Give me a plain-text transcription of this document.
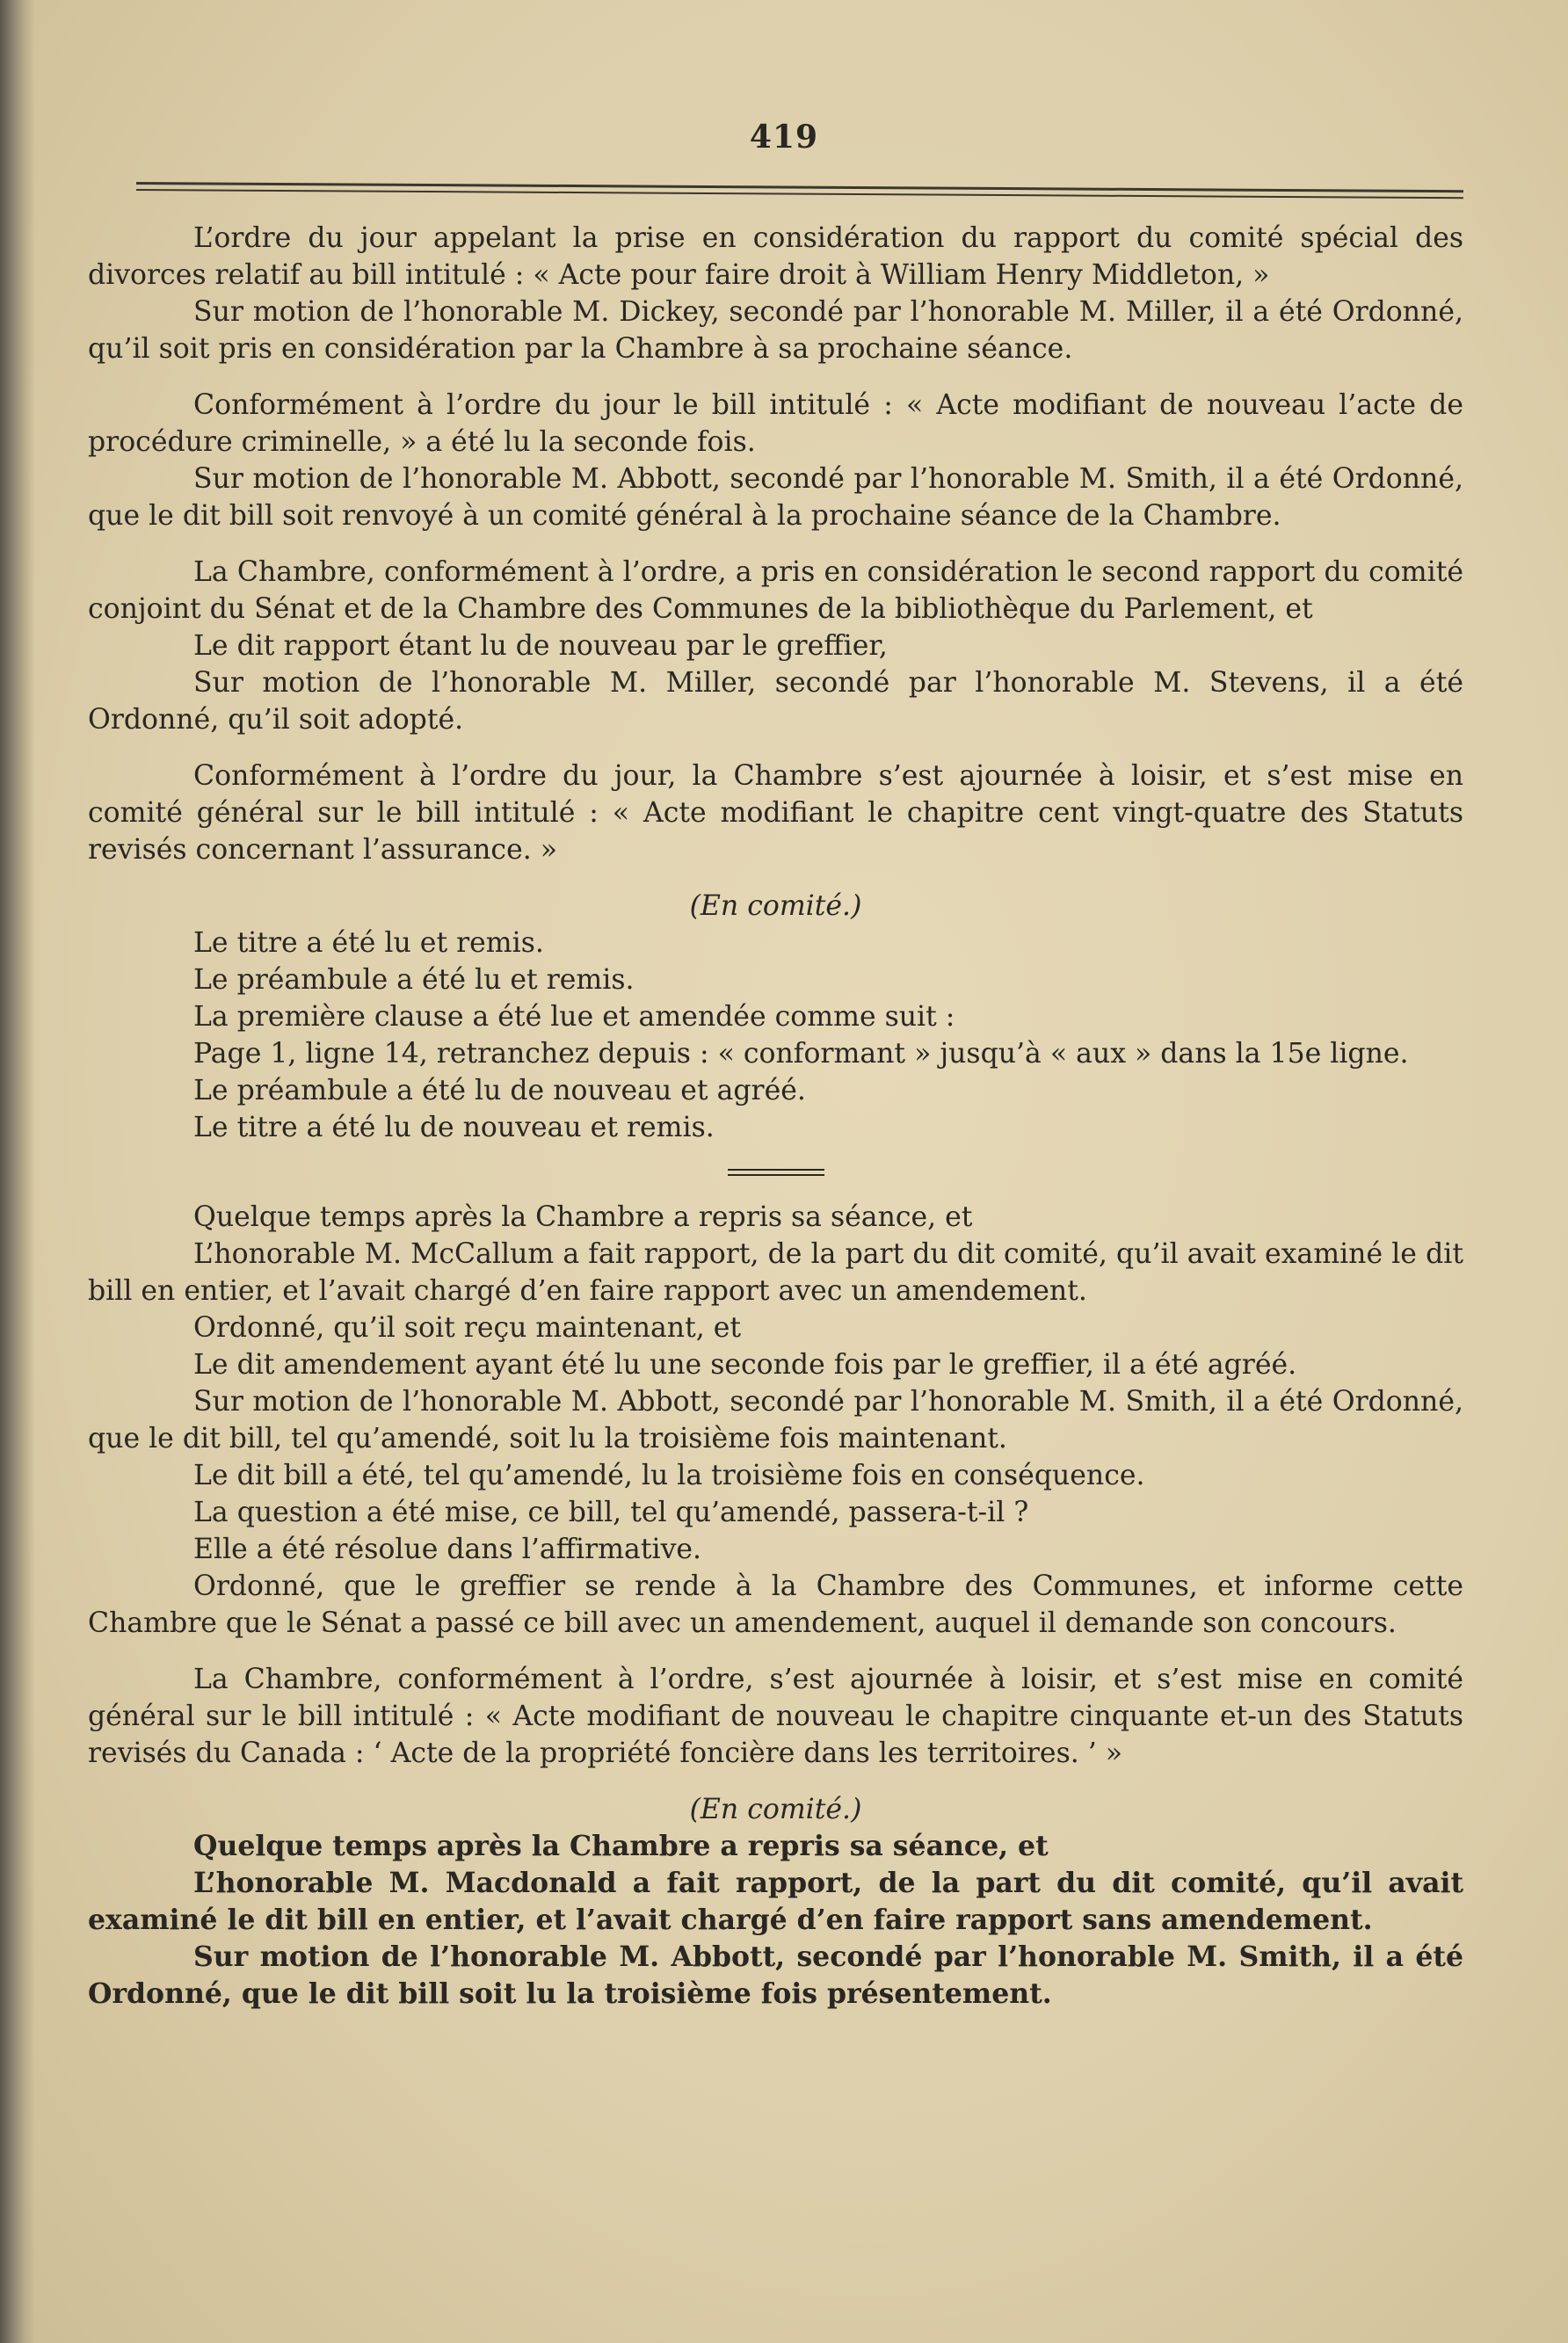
419

L’ordre du jour appelant la prise en considération du rapport du comité spécial des divorces relatif au bill intitulé : « Acte pour faire droit à William Henry Middleton, »

Sur motion de l’honorable M. Dickey, secondé par l’honorable M. Miller, il a été Ordonné, qu’il soit pris en considération par la Chambre à sa prochaine séance.

Conformément à l’ordre du jour le bill intitulé : « Acte modifiant de nouveau l’acte de procédure criminelle, » a été lu la seconde fois.

Sur motion de l’honorable M. Abbott, secondé par l’honorable M. Smith, il a été Ordonné, que le dit bill soit renvoyé à un comité général à la prochaine séance de la Chambre.

La Chambre, conformément à l’ordre, a pris en considération le second rapport du comité conjoint du Sénat et de la Chambre des Communes de la bibliothèque du Parlement, et

Le dit rapport étant lu de nouveau par le greffier,

Sur motion de l’honorable M. Miller, secondé par l’honorable M. Stevens, il a été Ordonné, qu’il soit adopté.

Conformément à l’ordre du jour, la Chambre s’est ajournée à loisir, et s’est mise en comité général sur le bill intitulé : « Acte modifiant le chapitre cent vingt-quatre des Statuts revisés concernant l’assurance. »

(En comité.)

Le titre a été lu et remis.

Le préambule a été lu et remis.

La première clause a été lue et amendée comme suit :

Page 1, ligne 14, retranchez depuis : « conformant » jusqu’à « aux » dans la 15e ligne.

Le préambule a été lu de nouveau et agréé.

Le titre a été lu de nouveau et remis.

Quelque temps après la Chambre a repris sa séance, et

L’honorable M. McCallum a fait rapport, de la part du dit comité, qu’il avait examiné le dit bill en entier, et l’avait chargé d’en faire rapport avec un amendement.

Ordonné, qu’il soit reçu maintenant, et

Le dit amendement ayant été lu une seconde fois par le greffier, il a été agréé.

Sur motion de l’honorable M. Abbott, secondé par l’honorable M. Smith, il a été Ordonné, que le dit bill, tel qu’amendé, soit lu la troisième fois maintenant.

Le dit bill a été, tel qu’amendé, lu la troisième fois en conséquence.

La question a été mise, ce bill, tel qu’amendé, passera-t-il ?

Elle a été résolue dans l’affirmative.

Ordonné, que le greffier se rende à la Chambre des Communes, et informe cette Chambre que le Sénat a passé ce bill avec un amendement, auquel il demande son concours.

La Chambre, conformément à l’ordre, s’est ajournée à loisir, et s’est mise en comité général sur le bill intitulé : « Acte modifiant de nouveau le chapitre cinquante et-un des Statuts revisés du Canada : ‘ Acte de la propriété foncière dans les territoires. ’ »

(En comité.)

Quelque temps après la Chambre a repris sa séance, et

L’honorable M. Macdonald a fait rapport, de la part du dit comité, qu’il avait examiné le dit bill en entier, et l’avait chargé d’en faire rapport sans amendement.

Sur motion de l’honorable M. Abbott, secondé par l’honorable M. Smith, il a été Ordonné, que le dit bill soit lu la troisième fois présentement.
